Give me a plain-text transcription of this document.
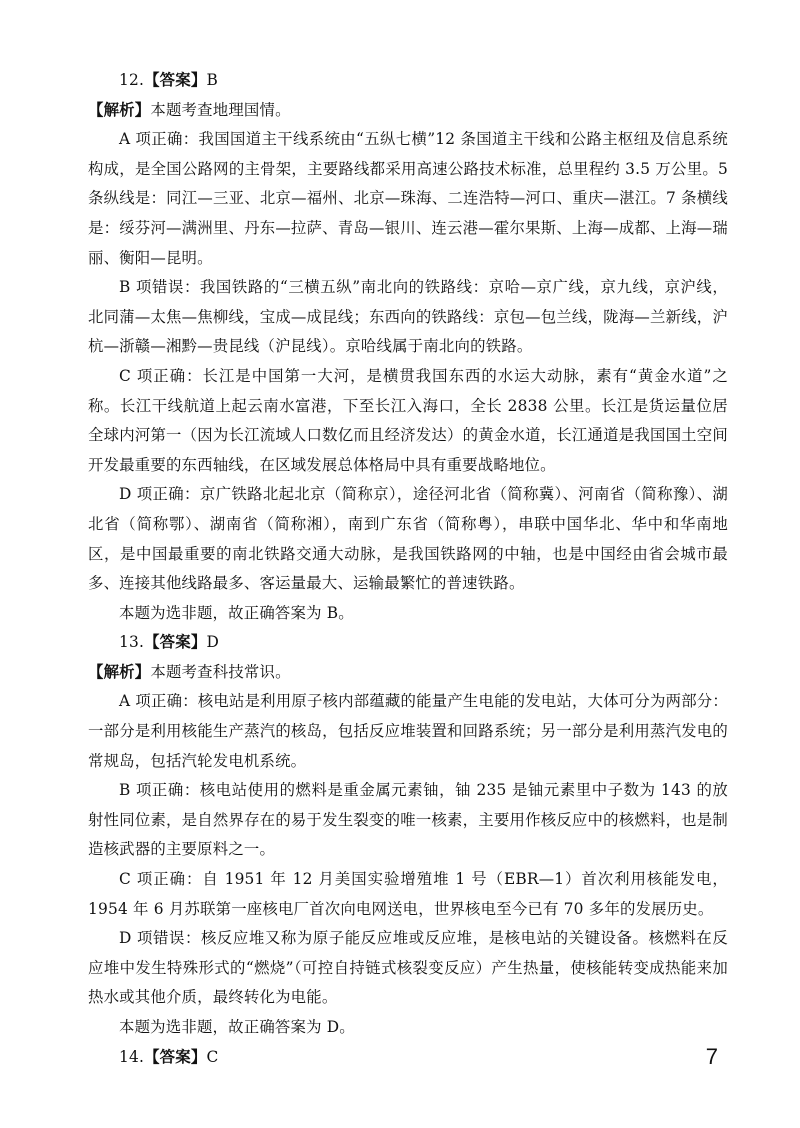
12.【答案】B

【解析】本题考查地理国情。

A 项正确：我国国道主干线系统由“五纵七横”12 条国道主干线和公路主枢纽及信息系统构成，是全国公路网的主骨架，主要路线都采用高速公路技术标准，总里程约 3.5 万公里。5 条纵线是：同江—三亚、北京—福州、北京—珠海、二连浩特—河口、重庆—湛江。7 条横线是：绥芬河—满洲里、丹东—拉萨、青岛—银川、连云港—霍尔果斯、上海—成都、上海—瑞丽、衡阳—昆明。

B 项错误：我国铁路的“三横五纵”南北向的铁路线：京哈—京广线，京九线，京沪线，北同蒲—太焦—焦柳线，宝成—成昆线；东西向的铁路线：京包—包兰线，陇海—兰新线，沪杭—浙赣—湘黔—贵昆线（沪昆线）。京哈线属于南北向的铁路。

C 项正确：长江是中国第一大河，是横贯我国东西的水运大动脉，素有“黄金水道”之称。长江干线航道上起云南水富港，下至长江入海口，全长 2838 公里。长江是货运量位居全球内河第一（因为长江流域人口数亿而且经济发达）的黄金水道，长江通道是我国国土空间开发最重要的东西轴线，在区域发展总体格局中具有重要战略地位。

D 项正确：京广铁路北起北京（简称京），途径河北省（简称冀）、河南省（简称豫）、湖北省（简称鄂）、湖南省（简称湘），南到广东省（简称粤），串联中国华北、华中和华南地区，是中国最重要的南北铁路交通大动脉，是我国铁路网的中轴，也是中国经由省会城市最多、连接其他线路最多、客运量最大、运输最繁忙的普速铁路。

本题为选非题，故正确答案为 B。

13.【答案】D

【解析】本题考查科技常识。

A 项正确：核电站是利用原子核内部蕴藏的能量产生电能的发电站，大体可分为两部分：一部分是利用核能生产蒸汽的核岛，包括反应堆装置和回路系统；另一部分是利用蒸汽发电的常规岛，包括汽轮发电机系统。

B 项正确：核电站使用的燃料是重金属元素铀，铀 235 是铀元素里中子数为 143 的放射性同位素，是自然界存在的易于发生裂变的唯一核素，主要用作核反应中的核燃料，也是制造核武器的主要原料之一。

C 项正确：自 1951 年 12 月美国实验增殖堆 1 号（EBR—1）首次利用核能发电，1954 年 6 月苏联第一座核电厂首次向电网送电，世界核电至今已有 70 多年的发展历史。

D 项错误：核反应堆又称为原子能反应堆或反应堆，是核电站的关键设备。核燃料在反应堆中发生特殊形式的“燃烧”（可控自持链式核裂变反应）产生热量，使核能转变成热能来加热水或其他介质，最终转化为电能。

本题为选非题，故正确答案为 D。

14.【答案】C	7
